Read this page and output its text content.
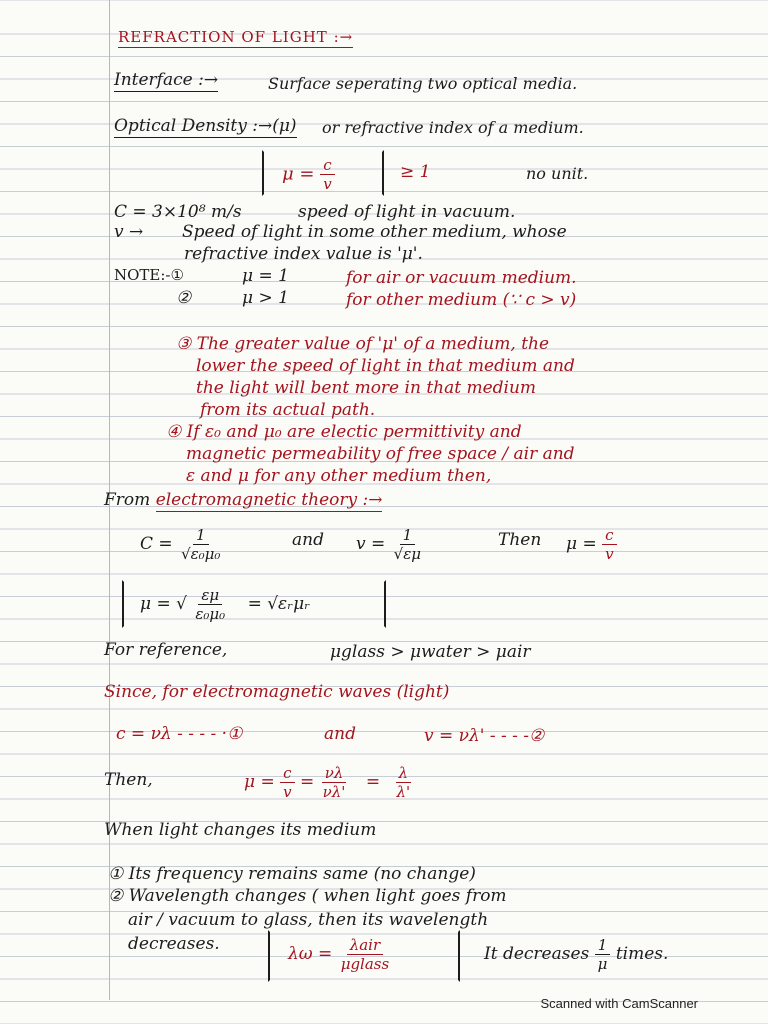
REFRACTION OF LIGHT :→
Interface :→	Surface seperating two optical media.
Optical Density :→(μ) or refractive index of a medium.
$\mu = \frac{c}{v}$	≥ 1	no unit.
C = 3×10⁸ m/s	speed of light in vacuum.
v → Speed of light in some other medium, whose
refractive index value is 'μ'.
NOTE:-①	μ = 1	for air or vacuum medium.
②	μ > 1	for other medium (∵ c > v)
③ The greater value of 'μ' of a medium, the
lower the speed of light in that medium and
the light will bent more in that medium
from its actual path.
④ If ε₀ and μ₀ are electic permittivity and
magnetic permeability of free space / air and
ε and μ for any other medium then,
From electromagnetic theory :→
$C = \frac{1}{\text{√ε₀μ₀}}$	and $v = \frac{1}{√\varepsilon\mu}$	Then $\mu = \frac{c}{v}$
μ = √ $\frac{\varepsilon\mu}{\text{ε₀μ₀}}$ = √εᵣμᵣ
For reference,	μglass > μwater > μair
Since, for electromagnetic waves (light)
c = νλ - - - - ·①	and	v = νλ' - - - -②
Then,	$\mu = \frac{c}{v} = \frac{\nu\lambda}{\nu\lambda'} = \frac{\lambda}{\lambda'}$
When light changes its medium
① Its frequency remains same (no change)
② Wavelength changes ( when light goes from
air / vacuum to glass, then its wavelength
decreases.	$\lambda\omega = \frac{\text{λair}}{\text{μglass}}$	It decreases $\frac{1}{\mu}$ times.
Scanned with CamScanner
